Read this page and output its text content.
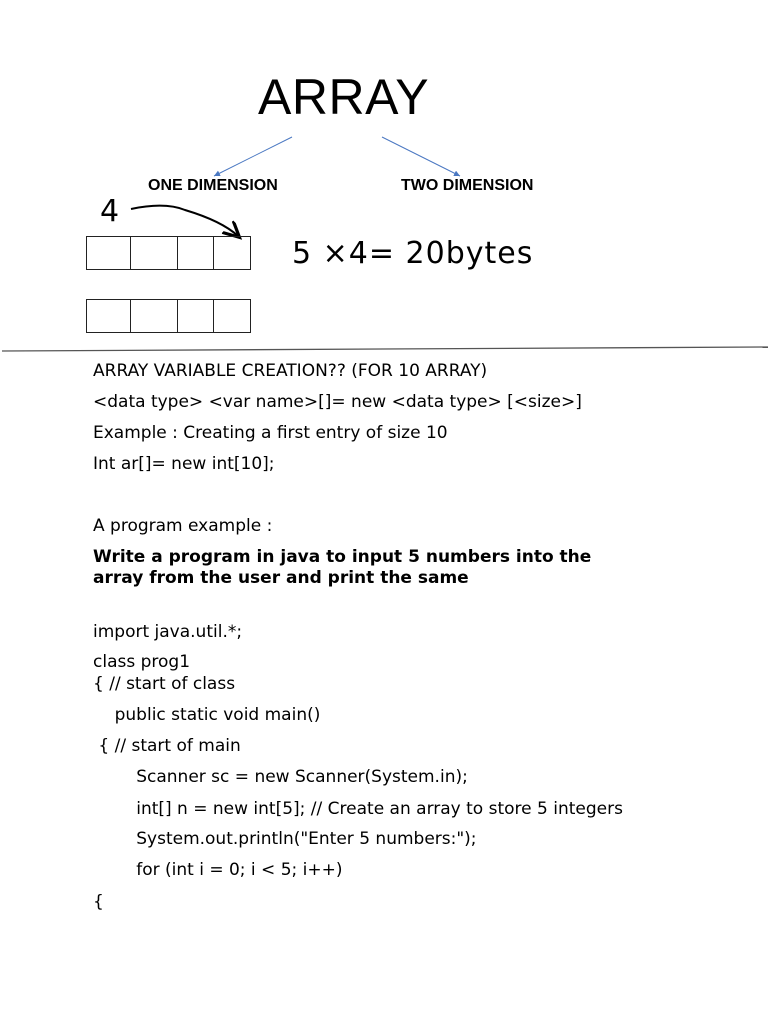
ARRAY
ONE DIMENSION	TWO DIMENSION
4
5 ×4= 20bytes
ARRAY VARIABLE CREATION?? (FOR 10 ARRAY)
<data type> <var name>[]= new <data type> [<size>]
Example : Creating a first entry of size 10
Int ar[]= new int[10];
A program example :
Write a program in java to input 5 numbers into the
array from the user and print the same
import java.util.*;
class prog1
{ // start of class
public static void main()
{ // start of main
Scanner sc = new Scanner(System.in);
int[] n = new int[5]; // Create an array to store 5 integers
System.out.println("Enter 5 numbers:");
for (int i = 0; i < 5; i++)
{
